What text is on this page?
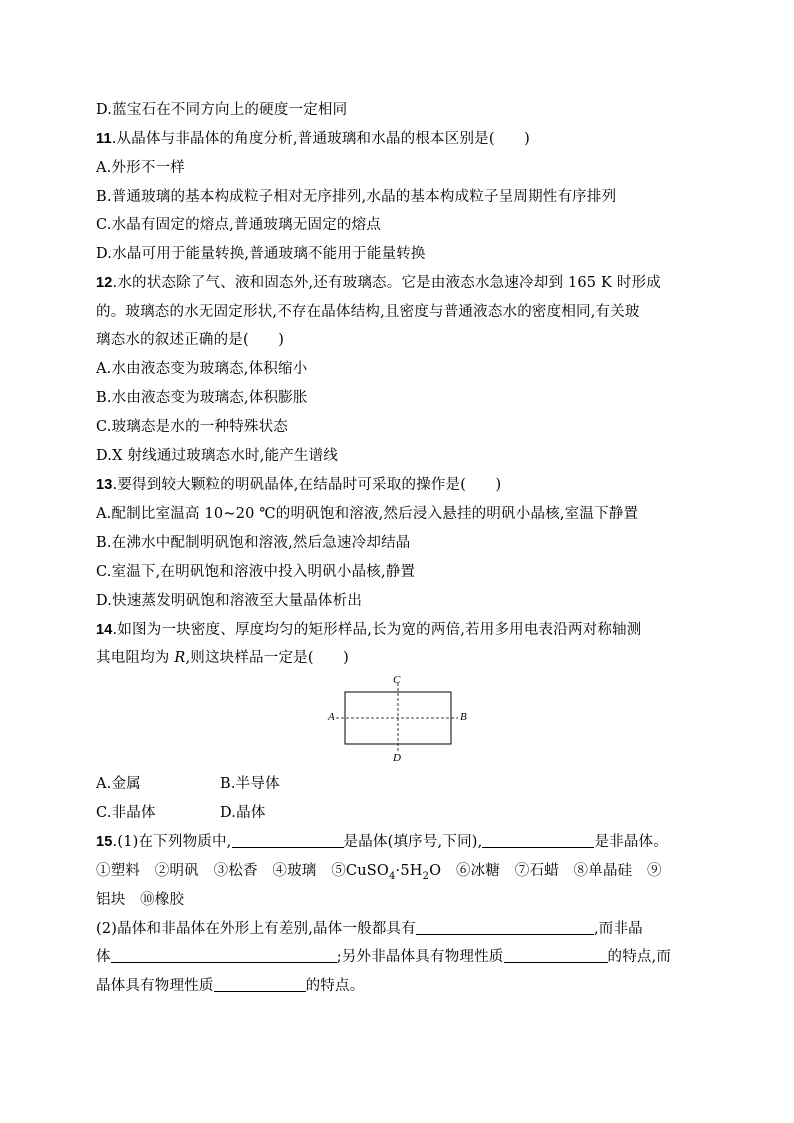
D.蓝宝石在不同方向上的硬度一定相同
11.从晶体与非晶体的角度分析,普通玻璃和水晶的根本区别是(　　)
A.外形不一样
B.普通玻璃的基本构成粒子相对无序排列,水晶的基本构成粒子呈周期性有序排列
C.水晶有固定的熔点,普通玻璃无固定的熔点
D.水晶可用于能量转换,普通玻璃不能用于能量转换
12.水的状态除了气、液和固态外,还有玻璃态。它是由液态水急速冷却到 165 K 时形成
的。玻璃态的水无固定形状,不存在晶体结构,且密度与普通液态水的密度相同,有关玻
璃态水的叙述正确的是(　　)
A.水由液态变为玻璃态,体积缩小
B.水由液态变为玻璃态,体积膨胀
C.玻璃态是水的一种特殊状态
D.X 射线通过玻璃态水时,能产生谱线
13.要得到较大颗粒的明矾晶体,在结晶时可采取的操作是(　　)
A.配制比室温高 10~20 ℃的明矾饱和溶液,然后浸入悬挂的明矾小晶核,室温下静置
B.在沸水中配制明矾饱和溶液,然后急速冷却结晶
C.室温下,在明矾饱和溶液中投入明矾小晶核,静置
D.快速蒸发明矾饱和溶液至大量晶体析出
14.如图为一块密度、厚度均匀的矩形样品,长为宽的两倍,若用多用电表沿两对称轴测
其电阻均为 R,则这块样品一定是(　　)
A	B
C
D
A.金属	B.半导体
C.非晶体	D.晶体
15.(1)在下列物质中,	是晶体(填序号,下同),	是非晶体。
①塑料　②明矾　③松香　④玻璃　$⑤CuSO_4\cdot 5H_2O$　⑥冰糖　⑦石蜡　⑧单晶硅　⑨
铝块　⑩橡胶
(2)晶体和非晶体在外形上有差别,晶体一般都具有	,而非晶
体	;另外非晶体具有物理性质	的特点,而
晶体具有物理性质	的特点。
